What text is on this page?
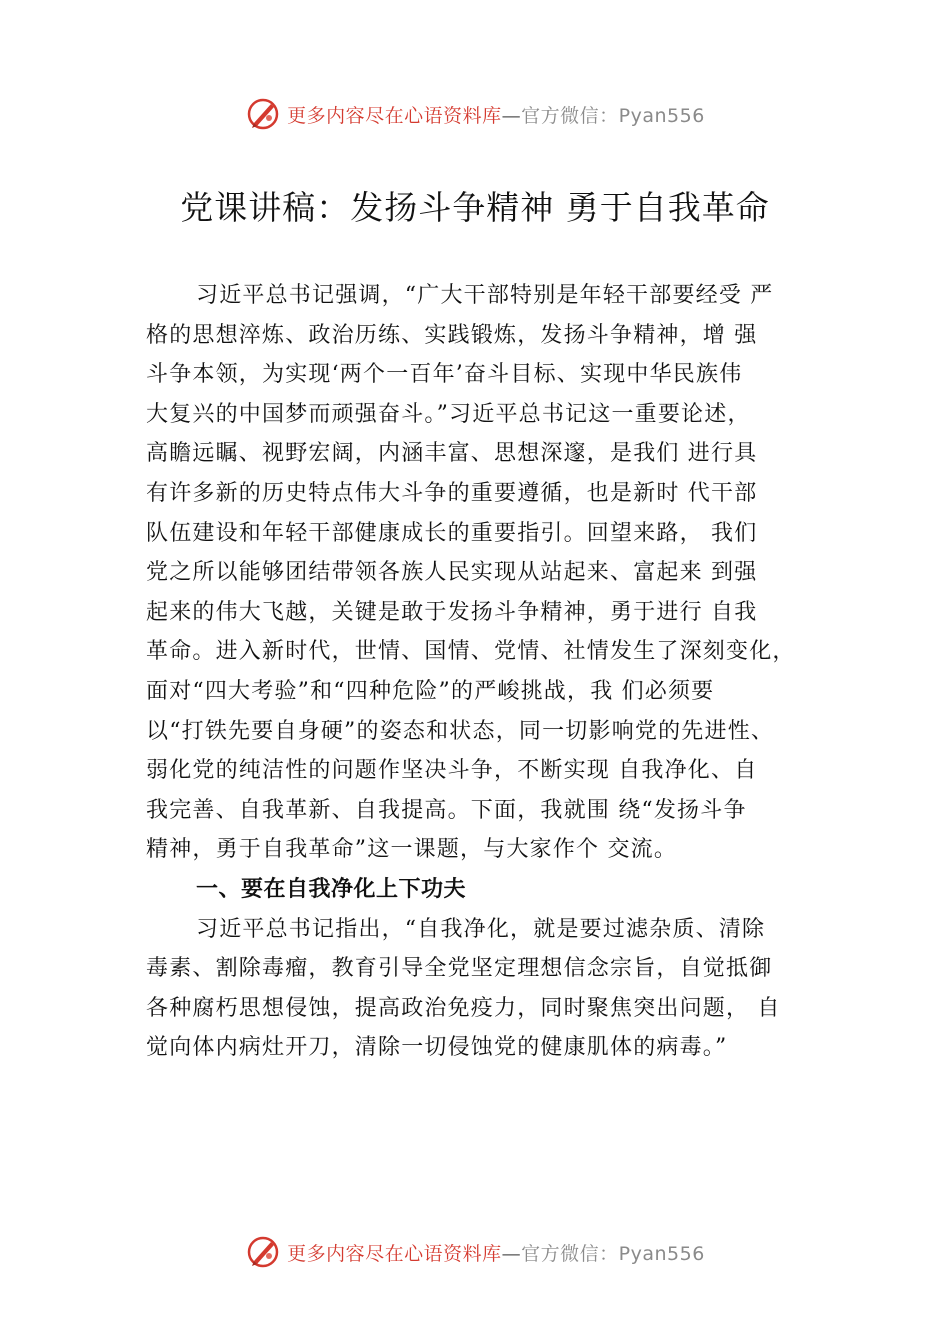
更多内容尽在心语资料库—官方微信：Pyan556
党课讲稿：发扬斗争精神 勇于自我革命
习近平总书记强调，“广大干部特别是年轻干部要经受 严
格的思想淬炼、政治历练、实践锻炼，发扬斗争精神，增 强
斗争本领，为实现‘两个一百年’奋斗目标、实现中华民族伟
大复兴的中国梦而顽强奋斗。”习近平总书记这一重要论述，
高瞻远瞩、视野宏阔，内涵丰富、思想深邃，是我们 进行具
有许多新的历史特点伟大斗争的重要遵循，也是新时 代干部
队伍建设和年轻干部健康成长的重要指引。回望来路， 我们
党之所以能够团结带领各族人民实现从站起来、富起来 到强
起来的伟大飞越，关键是敢于发扬斗争精神，勇于进行 自我
革命。进入新时代，世情、国情、党情、社情发生了深刻变化，
面对“四大考验”和“四种危险”的严峻挑战，我 们必须要
以“打铁先要自身硬”的姿态和状态，同一切影响党的先进性、
弱化党的纯洁性的问题作坚决斗争，不断实现 自我净化、自
我完善、自我革新、自我提高。下面，我就围 绕“发扬斗争
精神，勇于自我革命”这一课题，与大家作个 交流。
一、要在自我净化上下功夫
习近平总书记指出，“自我净化，就是要过滤杂质、清除
毒素、割除毒瘤，教育引导全党坚定理想信念宗旨，自觉抵御
各种腐朽思想侵蚀，提高政治免疫力，同时聚焦突出问题， 自
觉向体内病灶开刀，清除一切侵蚀党的健康肌体的病毒。”
更多内容尽在心语资料库—官方微信：Pyan556
